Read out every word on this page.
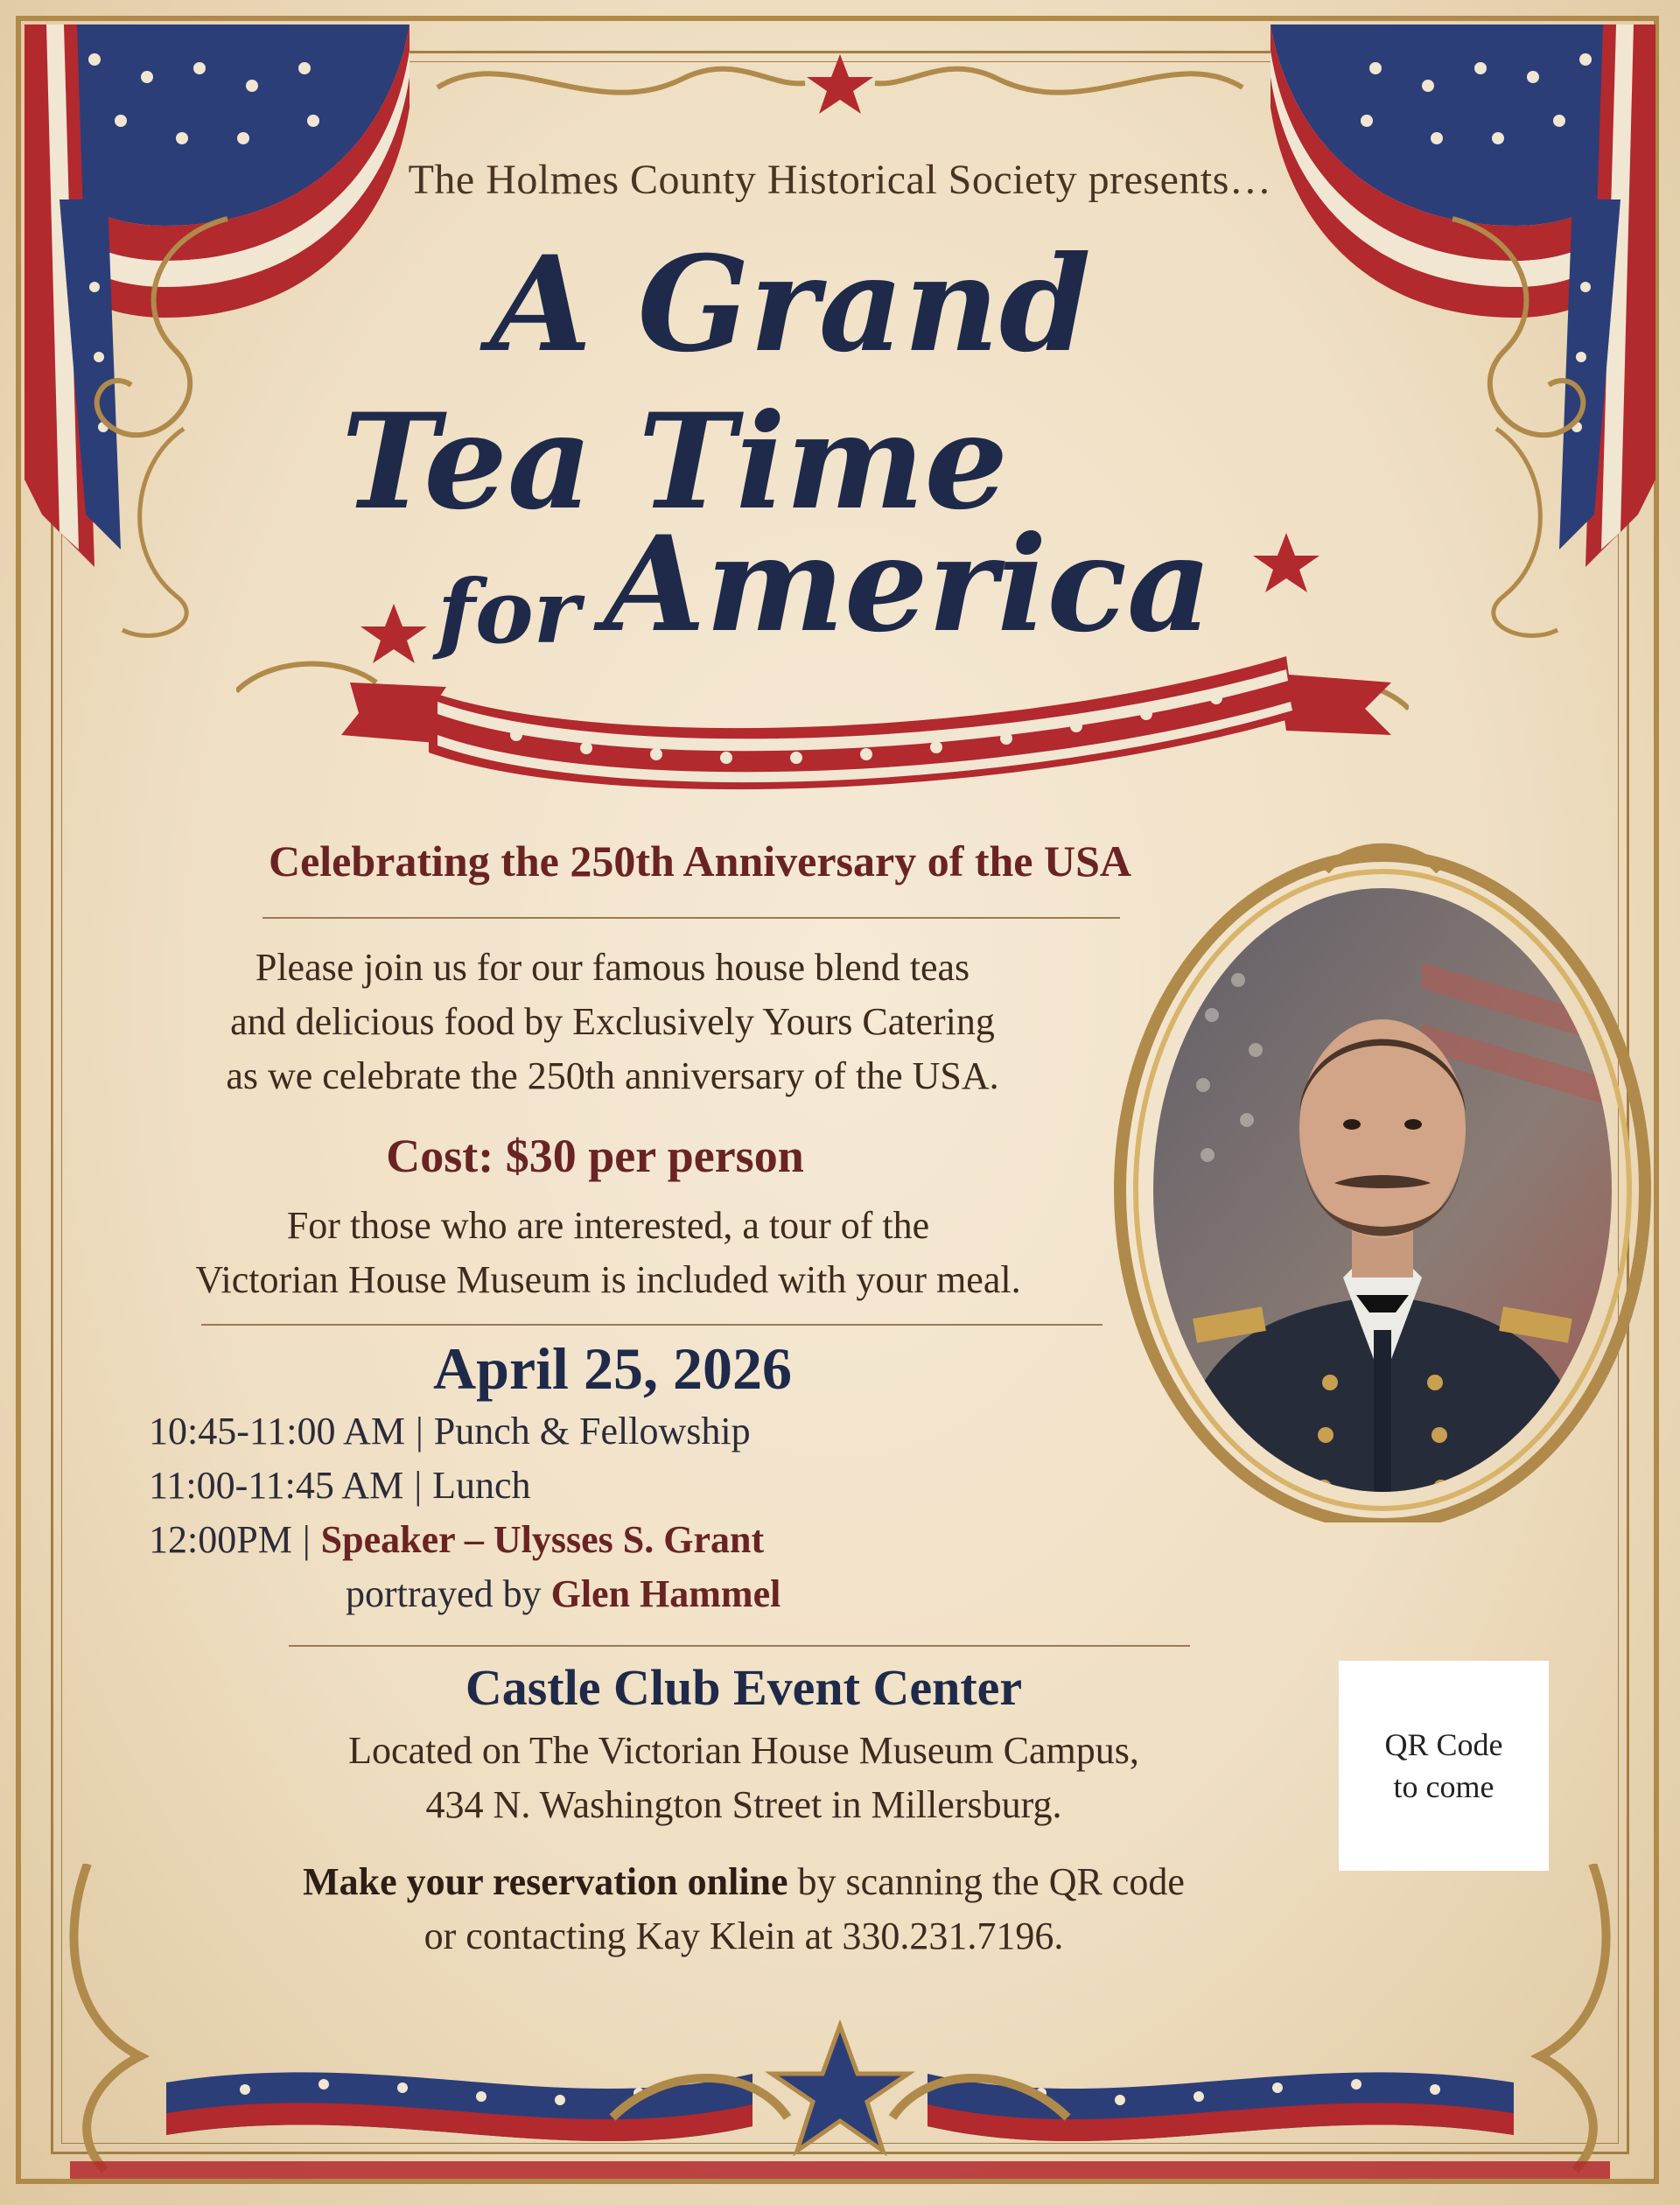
The Holmes County Historical Society presents…
A Grand
Tea Time
for America
Celebrating the 250th Anniversary of the USA
Please join us for our famous house blend teas
and delicious food by Exclusively Yours Catering
as we celebrate the 250th anniversary of the USA.
Cost: $30 per person
For those who are interested, a tour of the
Victorian House Museum is included with your meal.
April 25, 2026
10:45-11:00 AM | Punch & Fellowship
11:00-11:45 AM | Lunch
12:00PM | Speaker – Ulysses S. Grant
portrayed by Glen Hammel
Castle Club Event Center
Located on The Victorian House Museum Campus,
434 N. Washington Street in Millersburg.
Make your reservation online by scanning the QR code
or contacting Kay Klein at 330.231.7196.
QR Code
to come
